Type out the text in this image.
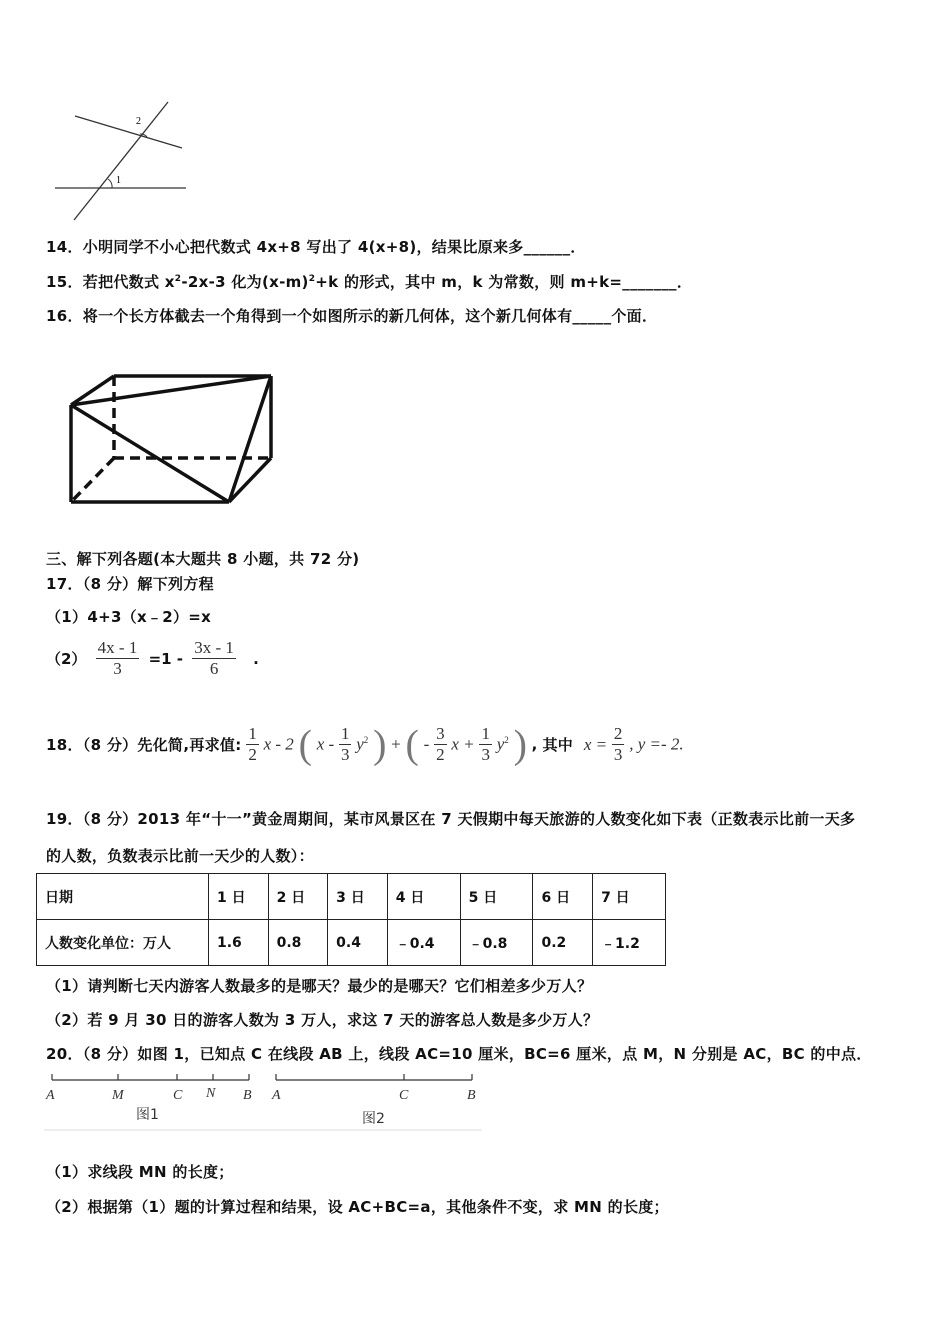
1
2
14．小明同学不小心把代数式 4x+8 写出了 4(x+8)，结果比原来多______．
15．若把代数式 $x^2-2x-3$ 化为$(x-m)^2+k$ 的形式，其中 m，k 为常数，则 m+k=_______．
16．将一个长方体截去一个角得到一个如图所示的新几何体，这个新几何体有_____个面．
三、解下列各题(本大题共 8 小题，共 72 分)
17．（8 分）解下列方程
（1）4+3（x﹣2）=x
$(2) \frac{4x - 1}{3} =1 - \frac{3x - 1}{6}$ .
18．（8 分）先化简,再求值: $\frac{1}{2}$ x - 2 ( x - $\frac{1}{3} y^2$ ) + ( - $\frac{3}{2}$ $x + \frac{1}{3} y^2$ ) , 其中 $x = \frac{2}{3}$ , y =- 2.
19．（8 分）2013 年“十一”黄金周期间，某市风景区在 7 天假期中每天旅游的人数变化如下表（正数表示比前一天多
的人数，负数表示比前一天少的人数）：
日期	1 日	2 日	3 日	4 日	5 日	6 日	7 日
人数变化单位：万人	1.6	0.8	0.4	﹣0.4	﹣0.8	0.2	﹣1.2
（1）请判断七天内游客人数最多的是哪天？最少的是哪天？它们相差多少万人？
（2）若 9 月 30 日的游客人数为 3 万人，求这 7 天的游客总人数是多少万人？
20．（8 分）如图 1，已知点 C 在线段 AB 上，线段 AC=10 厘米，BC=6 厘米，点 M，N 分别是 AC，BC 的中点．
A	M	C N B A	C	B
图1	图2
（1）求线段 MN 的长度；
（2）根据第（1）题的计算过程和结果，设 AC+BC=a，其他条件不变，求 MN 的长度；
